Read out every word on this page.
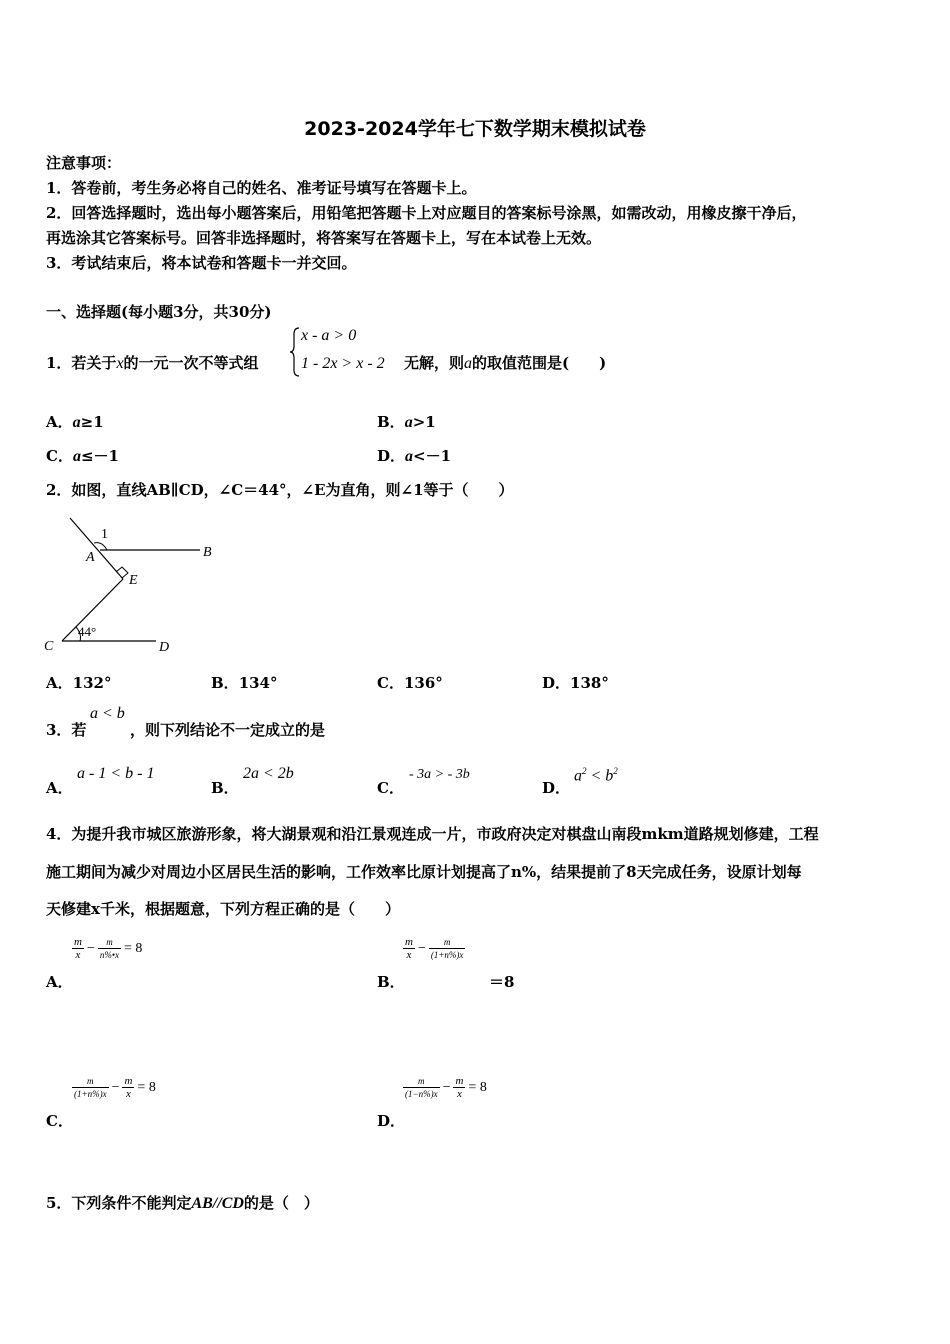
2023-2024学年七下数学期末模拟试卷
注意事项：
1．答卷前，考生务必将自己的姓名、准考证号填写在答题卡上。
2．回答选择题时，选出每小题答案后，用铅笔把答题卡上对应题目的答案标号涂黑，如需改动，用橡皮擦干净后，
再选涂其它答案标号。回答非选择题时，将答案写在答题卡上，写在本试卷上无效。
3．考试结束后，将本试卷和答题卡一并交回。
一、选择题(每小题3分，共30分)
1．若关于x的一元一次不等式组
x - a > 0
1 - 2x > x - 2 无解，则a的取值范围是(　　)
A．a≥1	B．a>1
C．a≤－1	D．a<－1
2．如图，直线AB∥CD，∠C＝44°，∠E为直角，则∠1等于（　　）
1
A	B
E
C	D
44°
A．132°	B．134°	C．136°	D．138°
3．若
a < b
，则下列结论不一定成立的是
A．
a - 1 < b - 1
B．
2a < 2b
C．
- 3a > - 3b
D．
$a^2 < b^2$
4．为提升我市城区旅游形象，将大湖景观和沿江景观连成一片，市政府决定对棋盘山南段mkm道路规划修建，工程
施工期间为减少对周边小区居民生活的影响，工作效率比原计划提高了n%，结果提前了8天完成任务，设原计划每
天修建x千米，根据题意，下列方程正确的是（　　）
$\frac{m}{x} - \frac{m}{n\%•x} = 8$
A．
$\frac{m}{x} - \frac{m}{(1+n\%)x}$
B．	＝8
$\frac{m}{(1+n\%)x} - \frac{m}{x} = 8$
C．
$\frac{m}{(1-n\%)x} - \frac{m}{x} = 8$
D．
5．下列条件不能判定AB//CD的是（　）
